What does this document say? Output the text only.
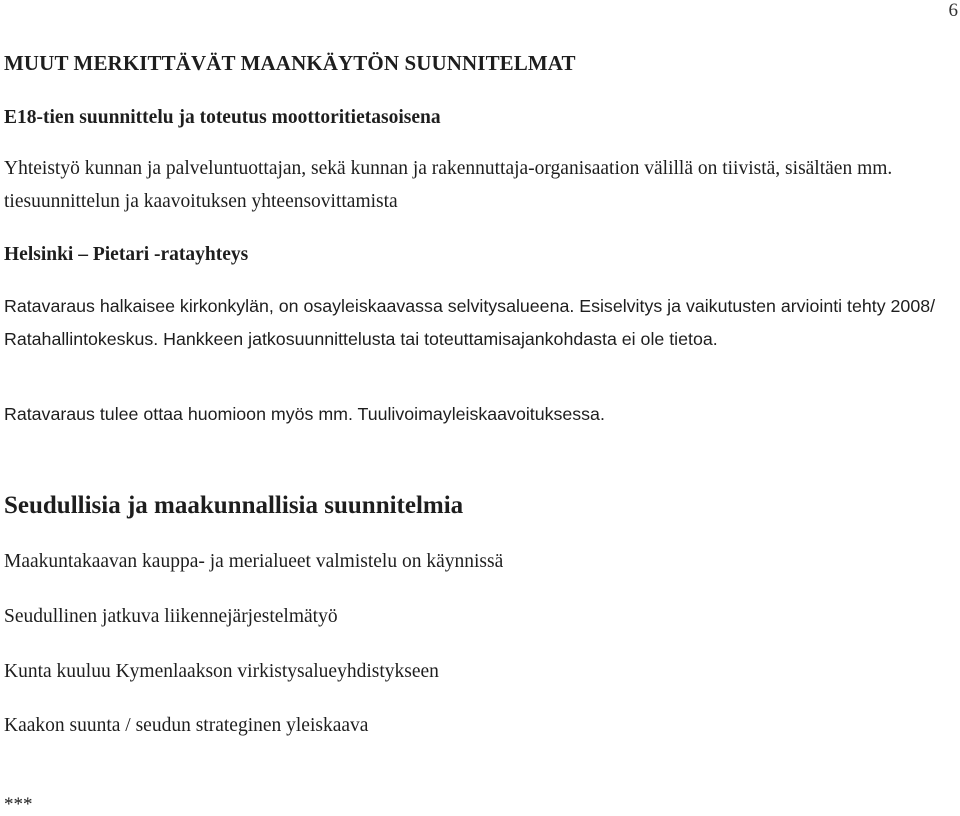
6
MUUT MERKITTÄVÄT MAANKÄYTÖN SUUNNITELMAT
E18-tien suunnittelu ja toteutus moottoritietasoisena
Yhteistyö kunnan ja palveluntuottajan, sekä kunnan ja rakennuttaja-organisaation välillä on tiivistä, sisältäen mm. tiesuunnittelun ja kaavoituksen yhteensovittamista
Helsinki – Pietari -ratayhteys
Ratavaraus halkaisee kirkonkylän, on osayleiskaavassa selvitysalueena. Esiselvitys ja vaikutusten arviointi tehty 2008/ Ratahallintokeskus. Hankkeen jatkosuunnittelusta tai toteuttamisajankohdasta ei ole tietoa.
Ratavaraus tulee ottaa huomioon myös mm. Tuulivoimayleiskaavoituksessa.
Seudullisia ja maakunnallisia suunnitelmia
Maakuntakaavan kauppa- ja merialueet valmistelu on käynnissä
Seudullinen jatkuva liikennejärjestelmätyö
Kunta kuuluu Kymenlaakson virkistysalueyhdistykseen
Kaakon suunta / seudun strateginen yleiskaava
***
